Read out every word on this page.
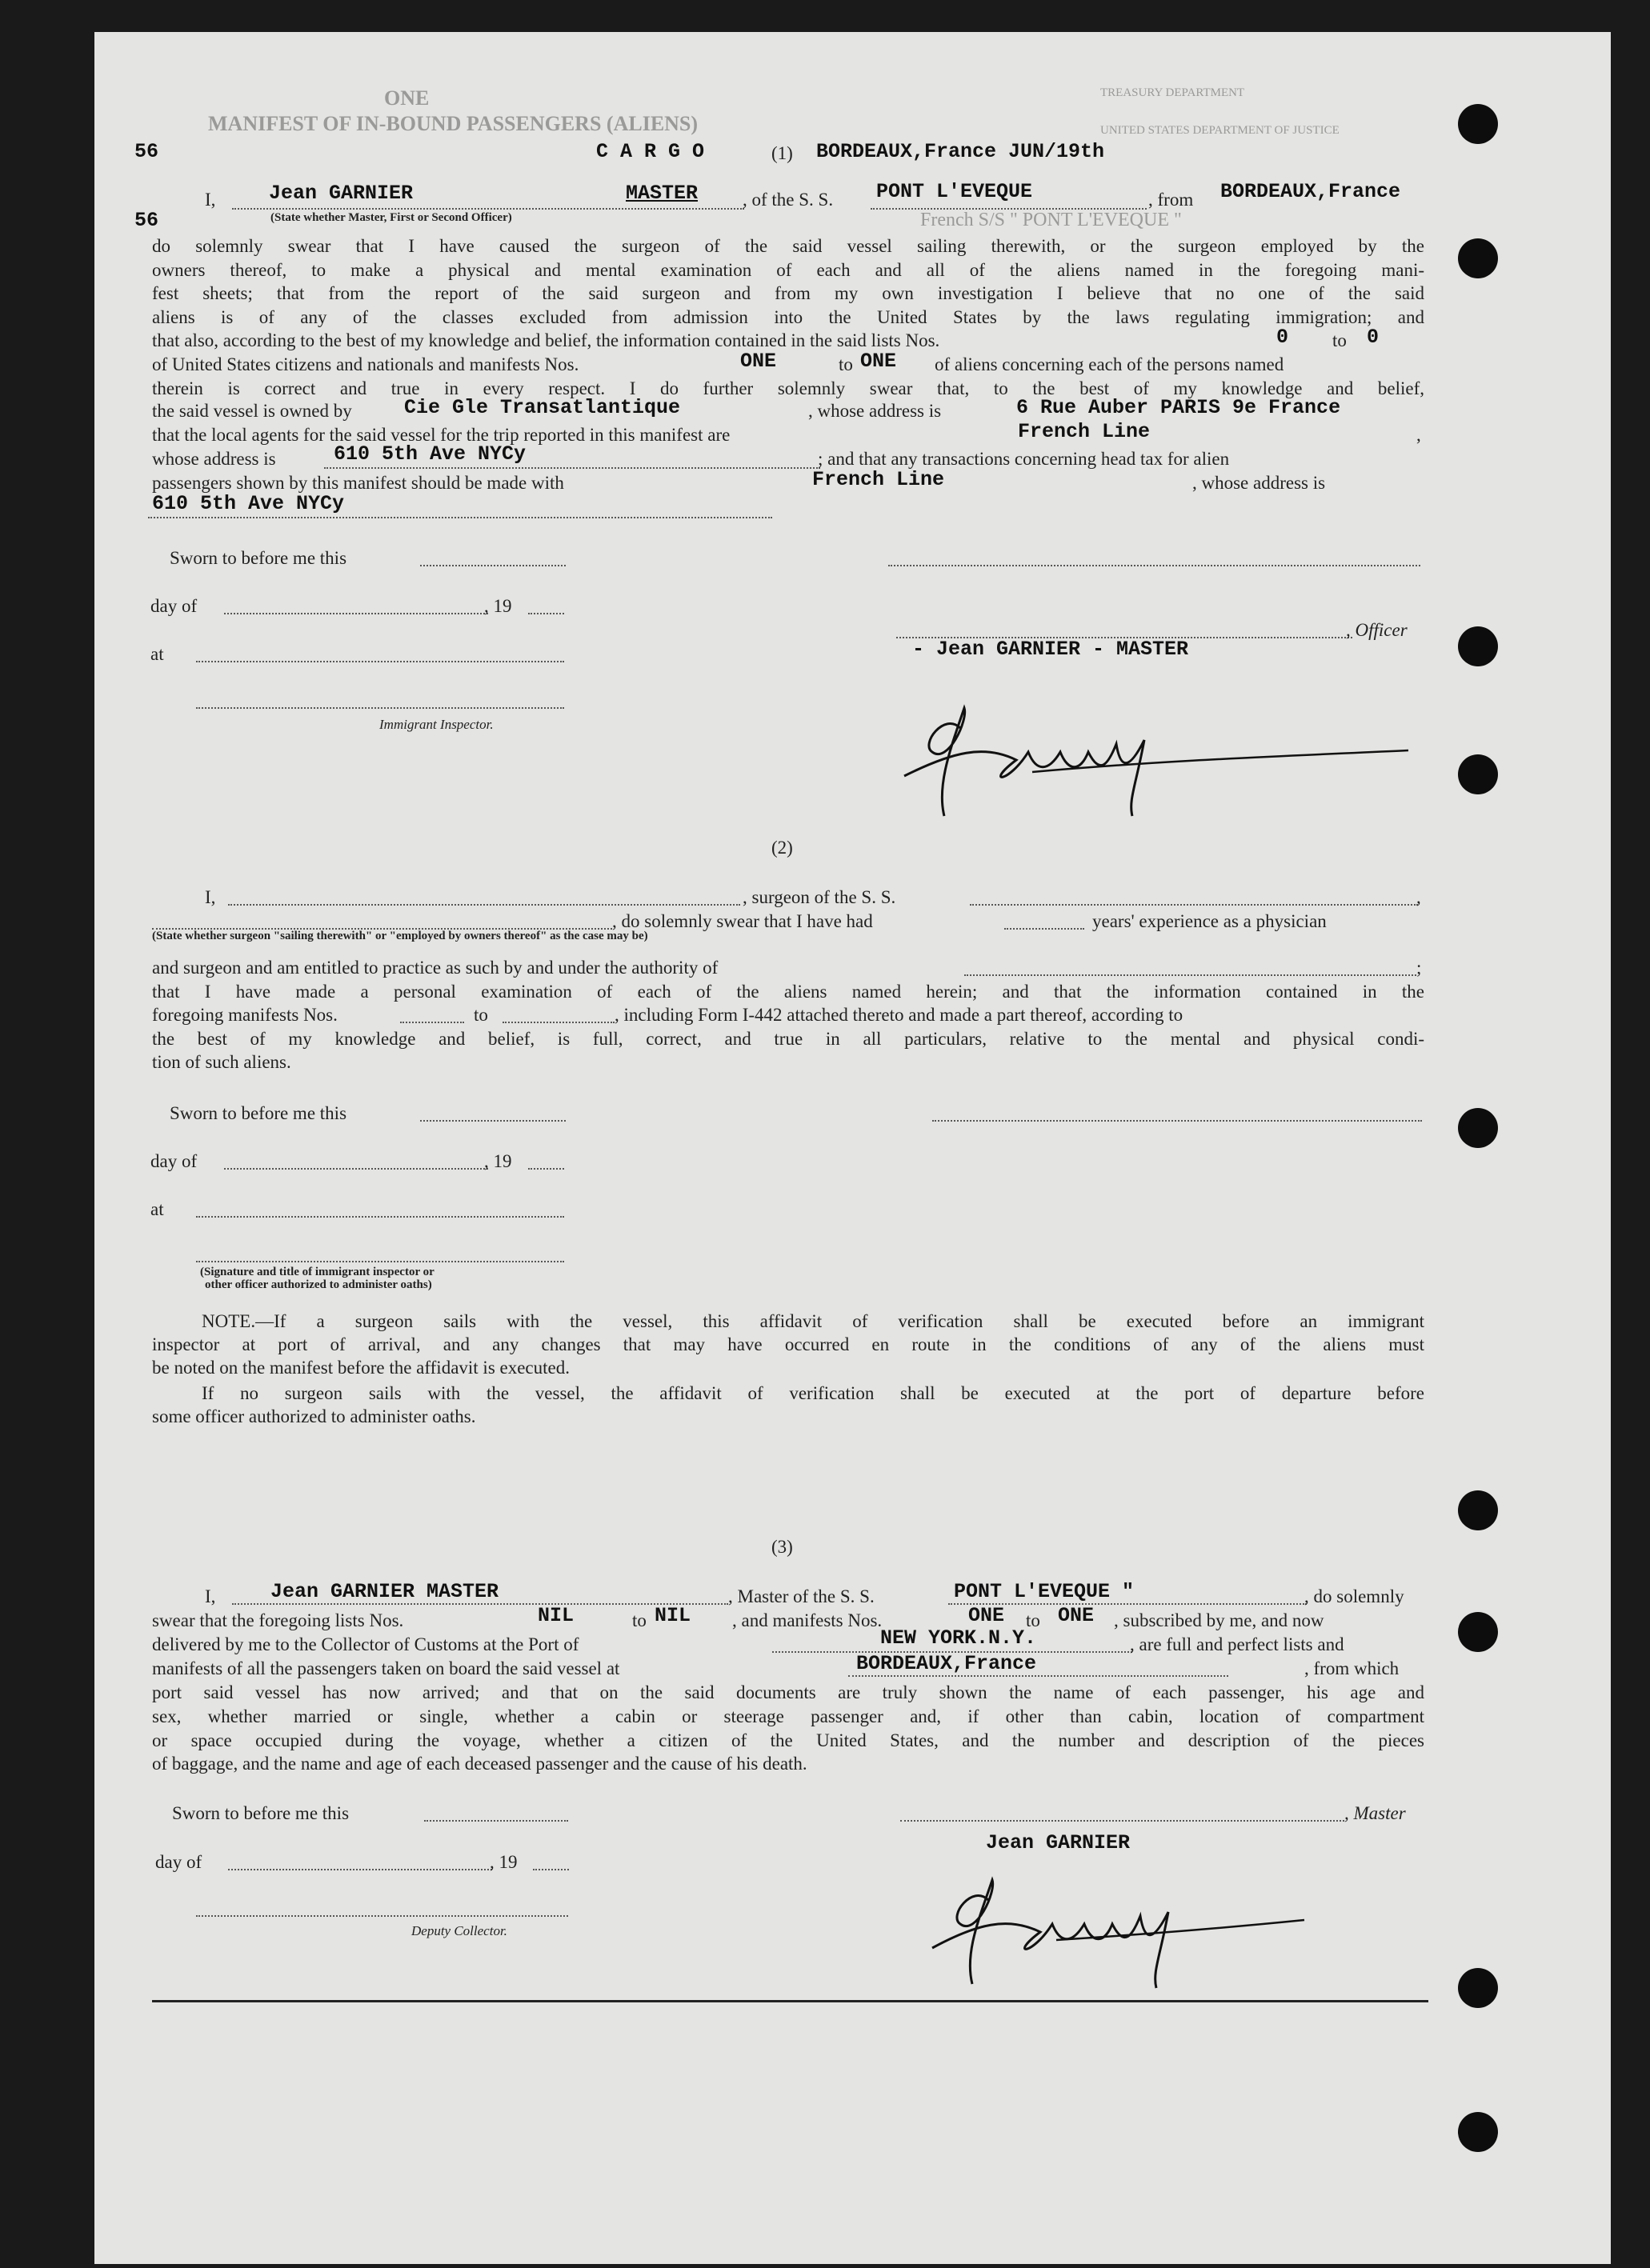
ONE
MANIFEST OF IN-BOUND PASSENGERS (ALIENS)
TREASURY DEPARTMENT
UNITED STATES DEPARTMENT OF JUSTICE
French S/S " PONT L'EVEQUE "
56
56
C A R G O	BORDEAUX,France JUN/19th
(1)
I,	Jean GARNIER	MASTER , of the S. S. PONT L'EVEQUE	, from BORDEAUX,France
(State whether Master, First or Second Officer)
do solemnly swear that I have caused the surgeon of the said vessel sailing therewith, or the surgeon employed by the
owners thereof, to make a physical and mental examination of each and all of the aliens named in the foregoing mani-
fest sheets; that from the report of the said surgeon and from my own investigation I believe that no one of the said
aliens is of any of the classes excluded from admission into the United States by the laws regulating immigration; and
that also, according to the best of my knowledge and belief, the information contained in the said lists Nos.	0 to 0
of United States citizens and nationals and manifests Nos.	ONE	to ONE of aliens concerning each of the persons named
therein is correct and true in every respect. I do further solemnly swear that, to the best of my knowledge and belief,
the said vessel is owned by	Cie Gle Transatlantique	, whose address is	6 Rue Auber PARIS 9e France
that the local agents for the said vessel for the trip reported in this manifest are	French Line	,
whose address is	610 5th Ave NYCy	; and that any transactions concerning head tax for alien
passengers shown by this manifest should be made with	French Line	, whose address is
610 5th Ave NYCy
Sworn to before me this
day of	, 19
at
Immigrant Inspector.
, Officer
- Jean GARNIER - MASTER
(2)
I,	, surgeon of the S. S.	,
, do solemnly swear that I have had	years' experience as a physician
(State whether surgeon "sailing therewith" or "employed by owners thereof" as the case may be)
and surgeon and am entitled to practice as such by and under the authority of	;
that I have made a personal examination of each of the aliens named herein; and that the information contained in the
foregoing manifests Nos.	to	, including Form I-442 attached thereto and made a part thereof, according to
the best of my knowledge and belief, is full, correct, and true in all particulars, relative to the mental and physical condi-
tion of such aliens.
Sworn to before me this
day of	, 19
at
(Signature and title of immigrant inspector or
other officer authorized to administer oaths)
NOTE.—If a surgeon sails with the vessel, this affidavit of verification shall be executed before an immigrant
inspector at port of arrival, and any changes that may have occurred en route in the conditions of any of the aliens must
be noted on the manifest before the affidavit is executed.
If no surgeon sails with the vessel, the affidavit of verification shall be executed at the port of departure before
some officer authorized to administer oaths.
(3)
I,	Jean GARNIER MASTER	, Master of the S. S.	PONT L'EVEQUE "	, do solemnly
swear that the foregoing lists Nos.	NIL	to NIL , and manifests Nos.	ONE to ONE , subscribed by me, and now
delivered by me to the Collector of Customs at the Port of	NEW YORK.N.Y.	, are full and perfect lists and
manifests of all the passengers taken on board the said vessel at	BORDEAUX,France	, from which
port said vessel has now arrived; and that on the said documents are truly shown the name of each passenger, his age and
sex, whether married or single, whether a cabin or steerage passenger and, if other than cabin, location of compartment
or space occupied during the voyage, whether a citizen of the United States, and the number and description of the pieces
of baggage, and the name and age of each deceased passenger and the cause of his death.
Sworn to before me this	, Master
day of	, 19
Deputy Collector.
Jean GARNIER
